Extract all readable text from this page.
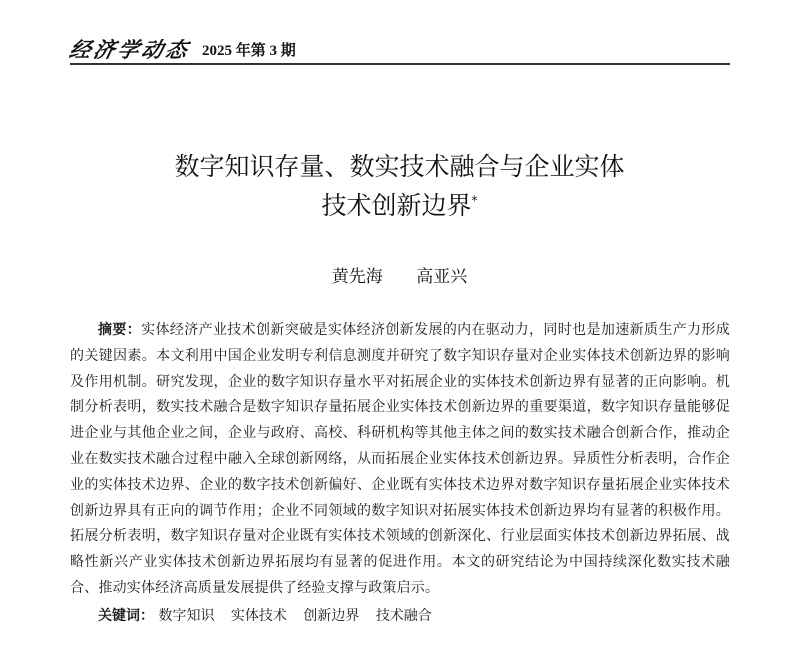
经济学动态 2025 年第 3 期
数字知识存量、数实技术融合与企业实体
技术创新边界*
黄先海 高亚兴
摘要：实体经济产业技术创新突破是实体经济创新发展的内在驱动力，同时也是加速新质生产力形成的关键因素。本文利用中国企业发明专利信息测度并研究了数字知识存量对企业实体技术创新边界的影响及作用机制。研究发现，企业的数字知识存量水平对拓展企业的实体技术创新边界有显著的正向影响。机制分析表明，数实技术融合是数字知识存量拓展企业实体技术创新边界的重要渠道，数字知识存量能够促进企业与其他企业之间，企业与政府、高校、科研机构等其他主体之间的数实技术融合创新合作，推动企业在数实技术融合过程中融入全球创新网络，从而拓展企业实体技术创新边界。异质性分析表明，合作企业的实体技术边界、企业的数字技术创新偏好、企业既有实体技术边界对数字知识存量拓展企业实体技术创新边界具有正向的调节作用；企业不同领域的数字知识对拓展实体技术创新边界均有显著的积极作用。拓展分析表明，数字知识存量对企业既有实体技术领域的创新深化、行业层面实体技术创新边界拓展、战略性新兴产业实体技术创新边界拓展均有显著的促进作用。本文的研究结论为中国持续深化数实技术融合、推动实体经济高质量发展提供了经验支撑与政策启示。
关键词： 数字知识 实体技术 创新边界 技术融合
